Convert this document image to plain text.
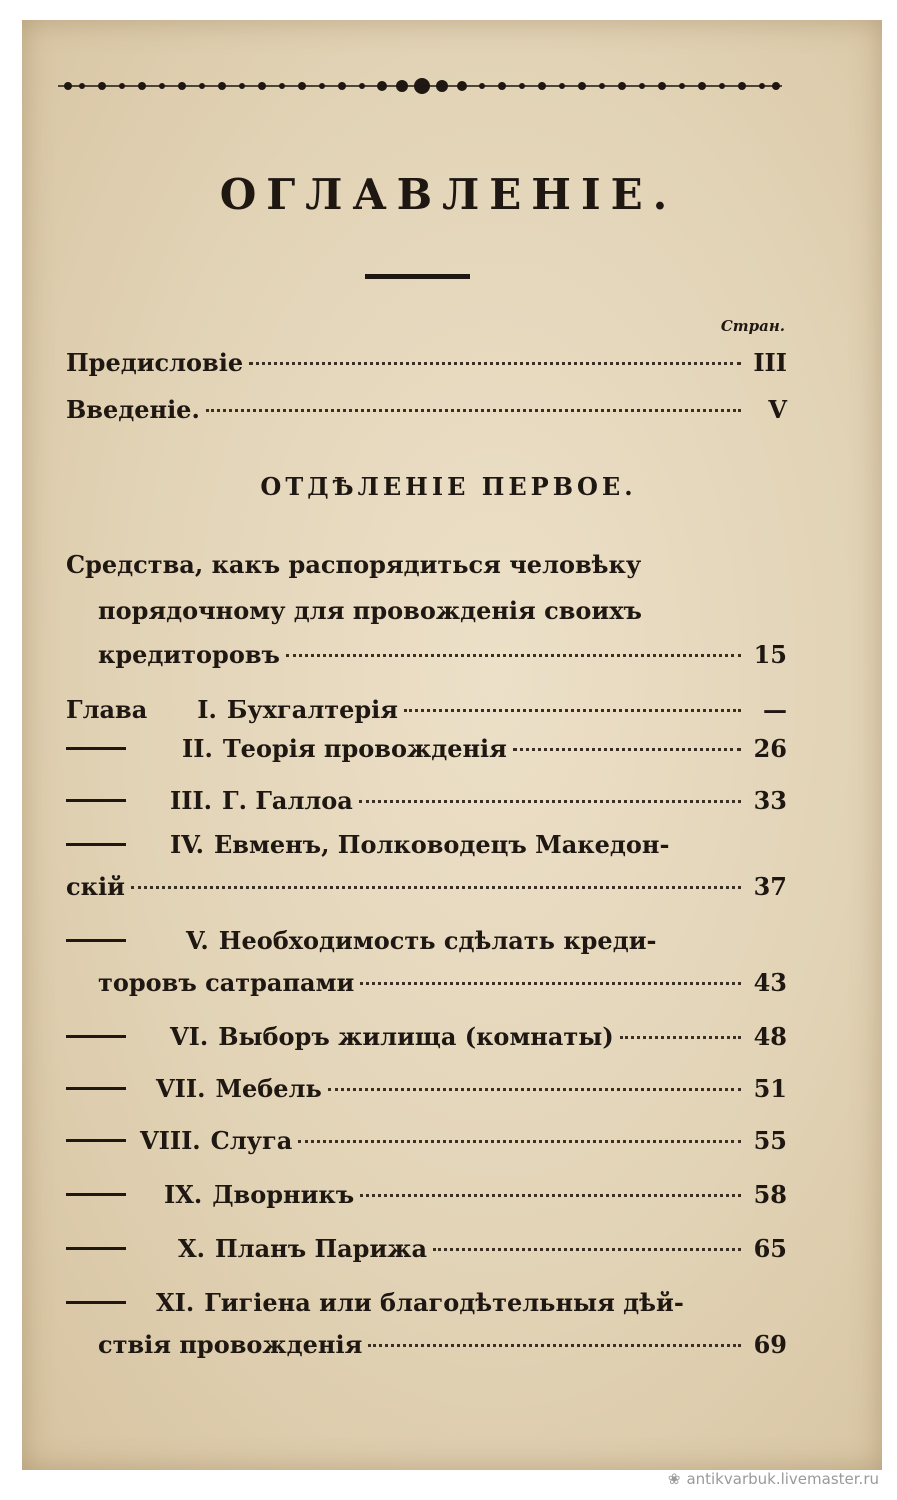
ОГЛАВЛЕНІЕ.
Стран.
Предисловіе	III
Введеніе.	V
ОТДѢЛЕНІЕ ПЕРВОЕ.
Средства, какъ распорядиться человѣку
порядочному для провожденія своихъ
кредиторовъ	15
Глава I. Бухгалтерія	—
II. Теорія провожденія	26
III. Г. Галлоа	33
IV. Евменъ, Полководецъ Македон-
скій	37
V. Необходимость сдѣлать креди-
торовъ сатрапами	43
VI. Выборъ жилища (комнаты)	48
VII. Мебель	51
VIII. Слуга	55
IX. Дворникъ	58
X. Планъ Парижа	65
XI. Гигіена или благодѣтельныя дѣй-
ствія провожденія	69
❀ antikvarbuk.livemaster.ru
